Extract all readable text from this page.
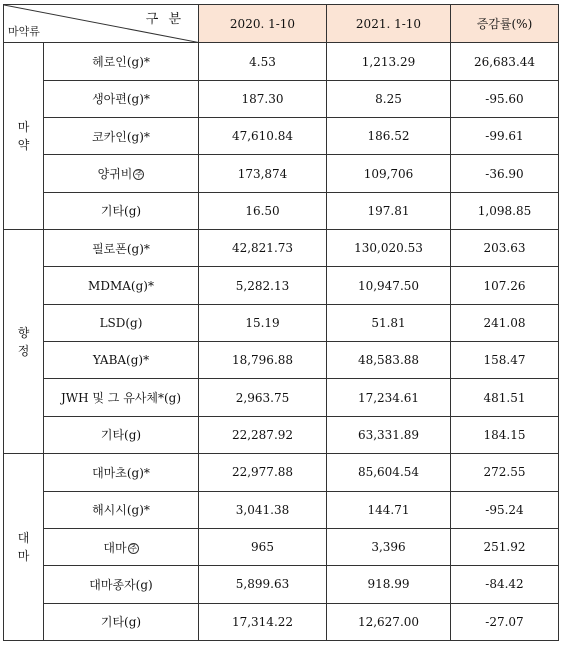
구 분
마약류		2020. 1-10	2021. 1-10	증감률(%)
마약	헤로인(g)*	4.53	1,213.29	26,683.44
	생아편(g)*	187.30	8.25	-95.60
	코카인(g)*	47,610.84	186.52	-99.61
	양귀비 주	173,874	109,706	-36.90
	기타(g)	16.50	197.81	1,098.85
향정	필로폰(g)*	42,821.73	130,020.53	203.63
	MDMA(g)*	5,282.13	10,947.50	107.26
	LSD(g)	15.19	51.81	241.08
	YABA(g)*	18,796.88	48,583.88	158.47
	JWH 및 그 유사체*(g)	2,963.75	17,234.61	481.51
	기타(g)	22,287.92	63,331.89	184.15
대마	대마초(g)*	22,977.88	85,604.54	272.55
	해시시(g)*	3,041.38	144.71	-95.24
	대마 주	965	3,396	251.92
	대마종자(g)	5,899.63	918.99	-84.42
	기타(g)	17,314.22	12,627.00	-27.07
